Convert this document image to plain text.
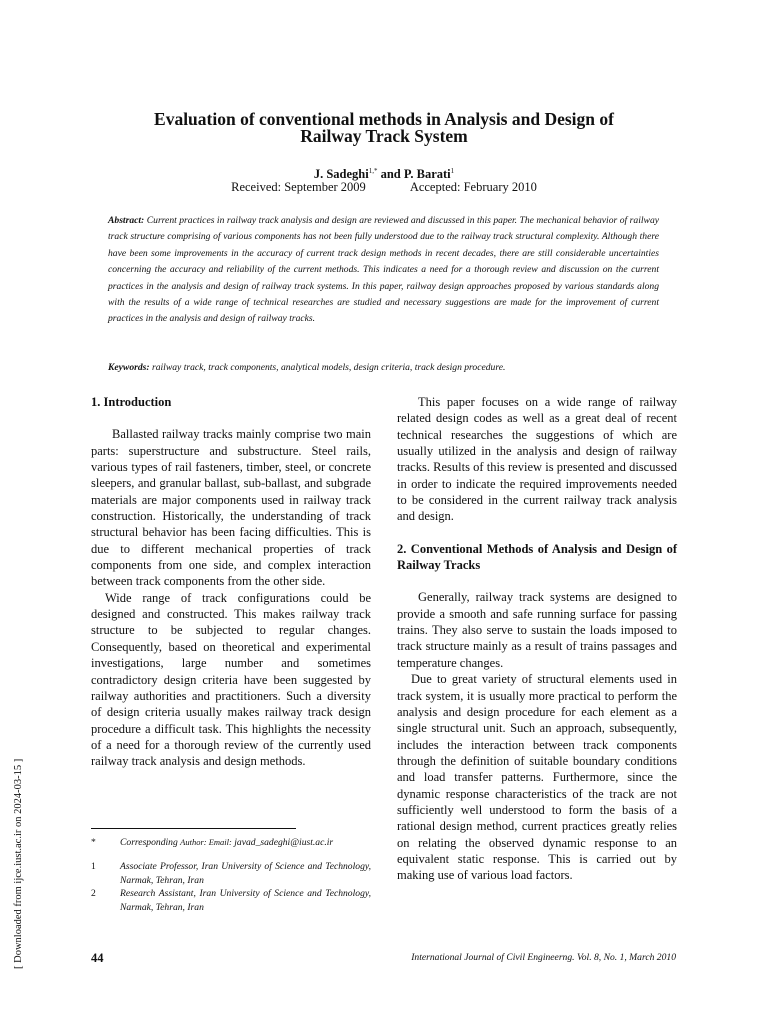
Evaluation of conventional methods in Analysis and Design of
Railway Track System
J. Sadeghi$^{1,*}$ and P. Barati$^1$
Received: September 2009	Accepted: February 2010
Abstract: Current practices in railway track analysis and design are reviewed and discussed in this paper. The mechanical behavior of railway track structure comprising of various components has not been fully understood due to the railway track structural complexity. Although there have been some improvements in the accuracy of current track design methods in recent decades, there are still considerable uncertainties concerning the accuracy and reliability of the current methods. This indicates a need for a thorough review and discussion on the current practices in the analysis and design of railway track systems. In this paper, railway design approaches proposed by various standards along with the results of a wide range of technical researches are studied and necessary suggestions are made for the improvement of current practices in the analysis and design of railway tracks.
Keywords: railway track, track components, analytical models, design criteria, track design procedure.

1. Introduction

Ballasted railway tracks mainly comprise two main parts: superstructure and substructure. Steel rails, various types of rail fasteners, timber, steel, or concrete sleepers, and granular ballast, sub-ballast, and subgrade materials are major components used in railway track construction. Historically, the understanding of track structural behavior has been facing difficulties. This is due to different mechanical properties of track components from one side, and complex interaction between track components from the other side.

Wide range of track configurations could be designed and constructed. This makes railway track structure to be subjected to regular changes. Consequently, based on theoretical and experimental investigations, large number and sometimes contradictory design criteria have been suggested by railway authorities and practitioners. Such a diversity of design criteria usually makes railway track design procedure a difficult task. This highlights the necessity of a need for a thorough review of the currently used railway track analysis and design methods.

This paper focuses on a wide range of railway related design codes as well as a great deal of recent technical researches the suggestions of which are usually utilized in the analysis and design of railway tracks. Results of this review is presented and discussed in order to indicate the required improvements needed to be considered in the current railway track analysis and design.

2. Conventional Methods of Analysis and Design of Railway Tracks

Generally, railway track systems are designed to provide a smooth and safe running surface for passing trains. They also serve to sustain the loads imposed to track structure mainly as a result of trains passages and temperature changes.

Due to great variety of structural elements used in track system, it is usually more practical to perform the analysis and design procedure for each element as a single structural unit. Such an approach, subsequently, includes the interaction between track components through the definition of suitable boundary conditions and load transfer patterns. Furthermore, since the dynamic response characteristics of the track are not sufficiently well understood to form the basis of a rational design method, current practices greatly relies on relating the observed dynamic response to an equivalent static response. This is carried out by making use of various load factors.

*	Corresponding Author: Email: javad_sadeghi@iust.ac.ir
1	Associate Professor, Iran University of Science and Technology, Narmak, Tehran, Iran
2	Research Assistant, Iran University of Science and Technology, Narmak, Tehran, Iran
44	International Journal of Civil Engineerng. Vol. 8, No. 1, March 2010
[ Downloaded from ijce.iust.ac.ir on 2024-03-15 ]
